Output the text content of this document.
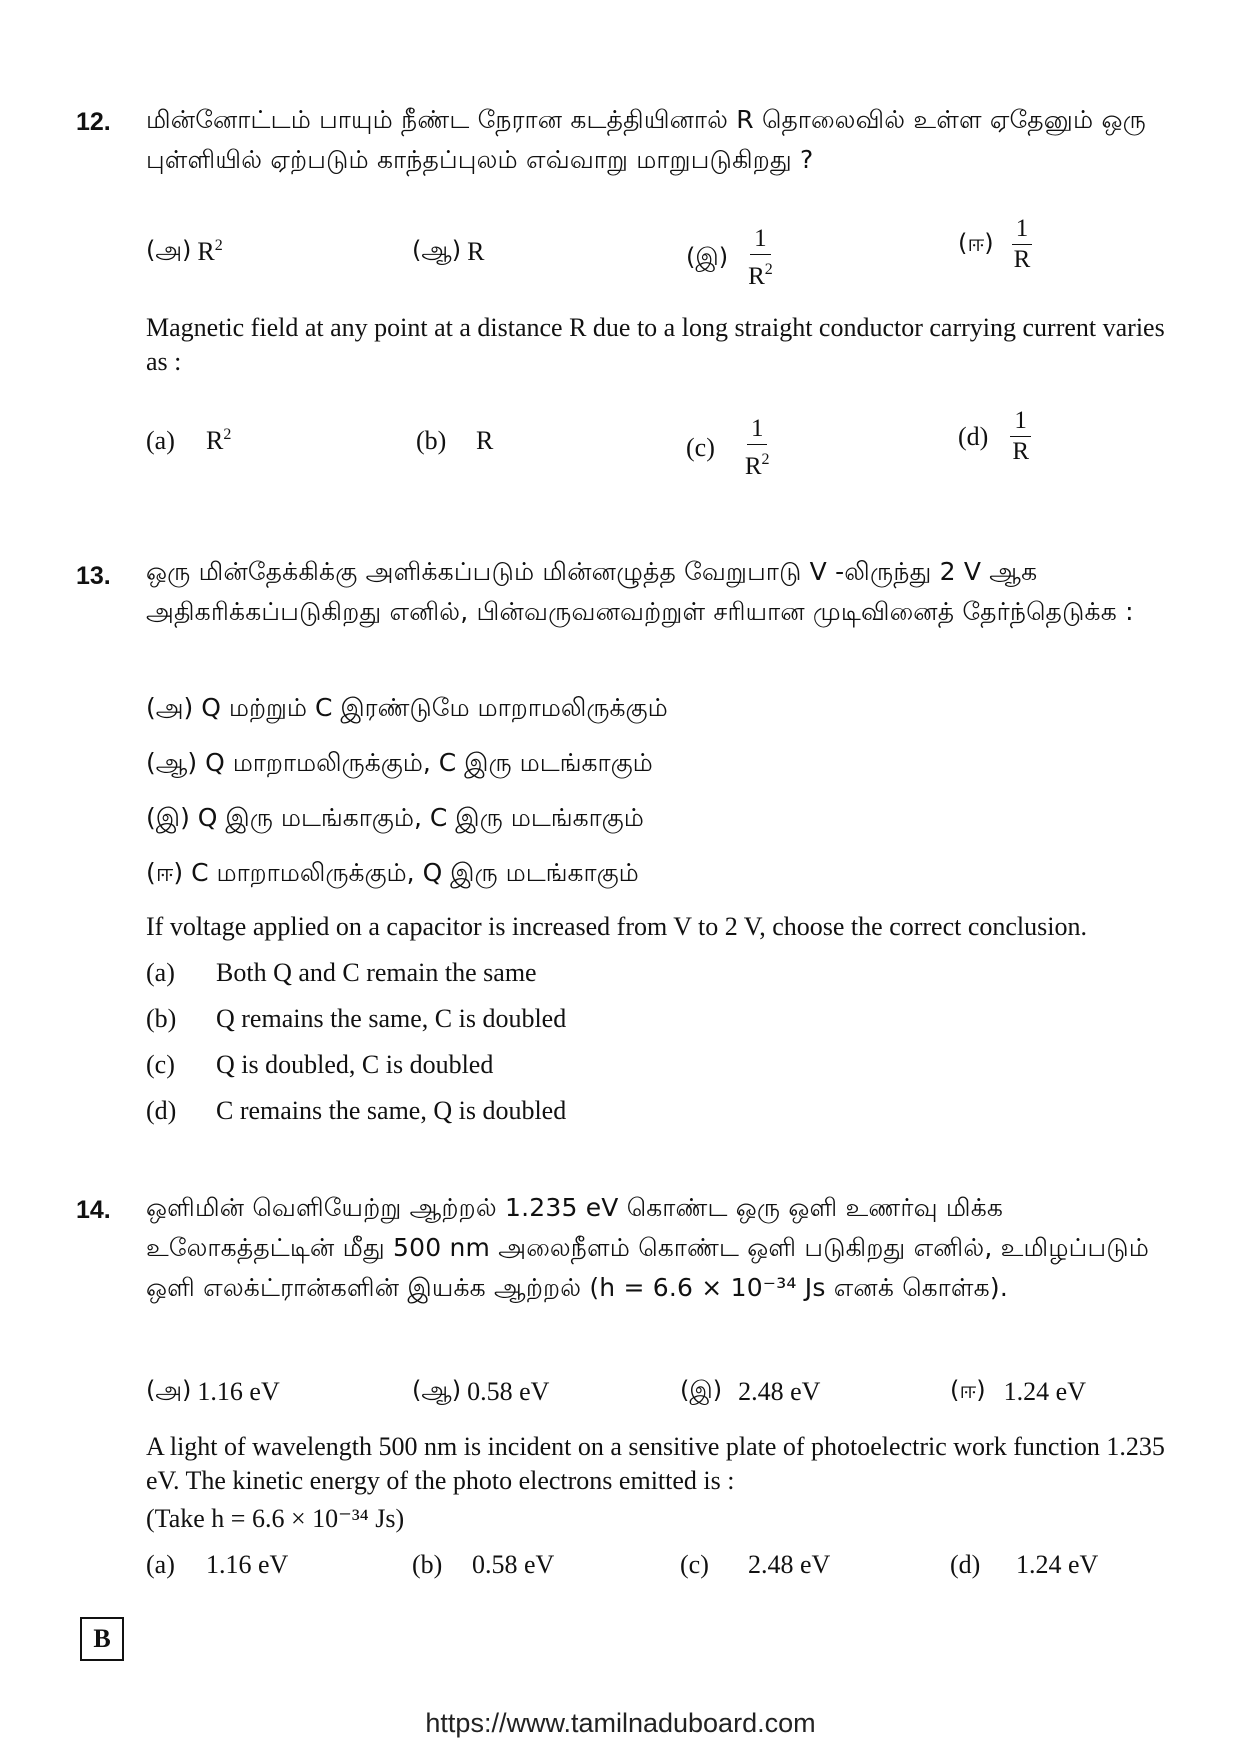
12. மின்னோட்டம் பாயும் நீண்ட நேரான கடத்தியினால் R தொலைவில் உள்ள ஏதேனும் ஒரு புள்ளியில் ஏற்படும் காந்தப்புலம் எவ்வாறு மாறுபடுகிறது ?
(அ) $R^2$	(ஆ) R	(இ) $\frac{1}{R^2}$	(ஈ) $\frac{1}{R}$
Magnetic field at any point at a distance R due to a long straight conductor carrying current varies as :
(a)	$R^2$	(b)	R	$(c) \frac{1}{R^2}$	$(d) \frac{1}{R}$
13. ஒரு மின்தேக்கிக்கு அளிக்கப்படும் மின்னழுத்த வேறுபாடு V -லிருந்து 2 V ஆக அதிகரிக்கப்படுகிறது எனில், பின்வருவனவற்றுள் சரியான முடிவினைத் தேர்ந்தெடுக்க :
(அ) Q மற்றும் C இரண்டுமே மாறாமலிருக்கும்
(ஆ) Q மாறாமலிருக்கும், C இரு மடங்காகும்
(இ) Q இரு மடங்காகும், C இரு மடங்காகும்
(ஈ) C மாறாமலிருக்கும், Q இரு மடங்காகும்
If voltage applied on a capacitor is increased from V to 2 V, choose the correct conclusion.
(a) Both Q and C remain the same
(b) Q remains the same, C is doubled
(c) Q is doubled, C is doubled
(d) C remains the same, Q is doubled
14. ஒளிமின் வெளியேற்று ஆற்றல் 1.235 eV கொண்ட ஒரு ஒளி உணர்வு மிக்க உலோகத்தட்டின் மீது 500 nm அலைநீளம் கொண்ட ஒளி படுகிறது எனில், உமிழப்படும் ஒளி எலக்ட்ரான்களின் இயக்க ஆற்றல் (h = 6.6 × 10⁻³⁴ Js எனக் கொள்க).
(அ) 1.16 eV	(ஆ) 0.58 eV	(இ) 2.48 eV	(ஈ) 1.24 eV
A light of wavelength 500 nm is incident on a sensitive plate of photoelectric work function 1.235 eV. The kinetic energy of the photo electrons emitted is :
(Take h = 6.6 × 10⁻³⁴ Js)
(a)	1.16 eV	(b)	0.58 eV	(c)	2.48 eV	(d)	1.24 eV
B
https://www.tamilnaduboard.com
